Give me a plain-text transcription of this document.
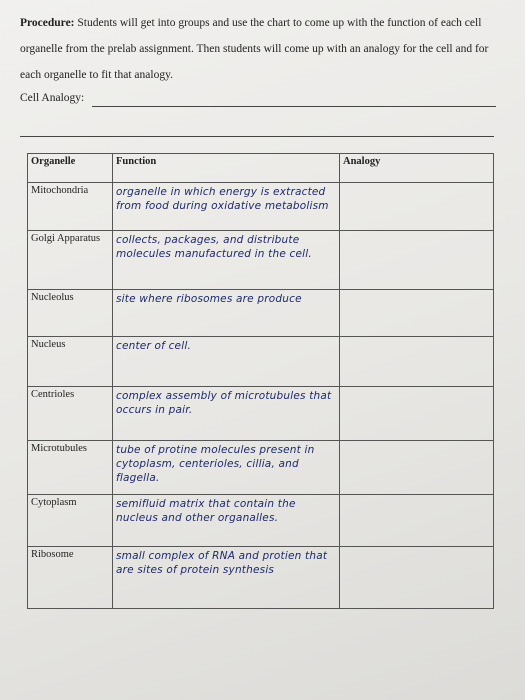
Procedure: Students will get into groups and use the chart to come up with the function of each cell organelle from the prelab assignment. Then students will come up with an analogy for the cell and for each organelle to fit that analogy.
Cell Analogy:
Organelle	Function	Analogy
Mitochondria	organelle in which energy is extracted from food during oxidative metabolism	
Golgi Apparatus	collects, packages, and distribute molecules manufactured in the cell.	
Nucleolus	site where ribosomes are produce	
Nucleus	center of cell.	
Centrioles	complex assembly of microtubules that occurs in pair.	
Microtubules	tube of protine molecules present in cytoplasm, centerioles, cillia, and flagella.	
Cytoplasm	semifluid matrix that contain the nucleus and other organalles.	
Ribosome	small complex of RNA and protien that are sites of protein synthesis	
